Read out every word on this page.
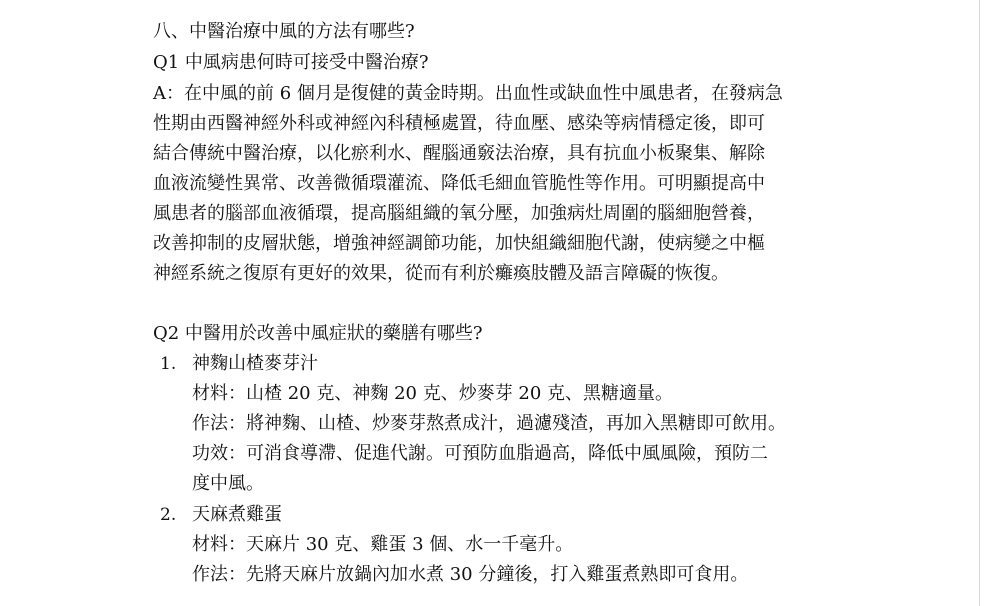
八、中醫治療中風的方法有哪些?
Q1 中風病患何時可接受中醫治療?
A：在中風的前 6 個月是復健的黃金時期。出血性或缺血性中風患者，在發病急
性期由西醫神經外科或神經內科積極處置，待血壓、感染等病情穩定後，即可
結合傳統中醫治療，以化瘀利水、醒腦通竅法治療，具有抗血小板聚集、解除
血液流變性異常、改善微循環灌流、降低毛細血管脆性等作用。可明顯提高中
風患者的腦部血液循環，提高腦組織的氧分壓，加強病灶周圍的腦細胞營養，
改善抑制的皮層狀態，增強神經調節功能，加快組織細胞代謝，使病變之中樞
神經系統之復原有更好的效果，從而有利於癱瘓肢體及語言障礙的恢復。
Q2 中醫用於改善中風症狀的藥膳有哪些?
1. 神麴山楂麥芽汁
材料：山楂 20 克、神麴 20 克、炒麥芽 20 克、黑糖適量。
作法：將神麴、山楂、炒麥芽熬煮成汁，過濾殘渣，再加入黑糖即可飲用。
功效：可消食導滯、促進代謝。可預防血脂過高，降低中風風險，預防二
度中風。
2. 天麻煮雞蛋
材料：天麻片 30 克、雞蛋 3 個、水一千毫升。
作法：先將天麻片放鍋內加水煮 30 分鐘後，打入雞蛋煮熟即可食用。
